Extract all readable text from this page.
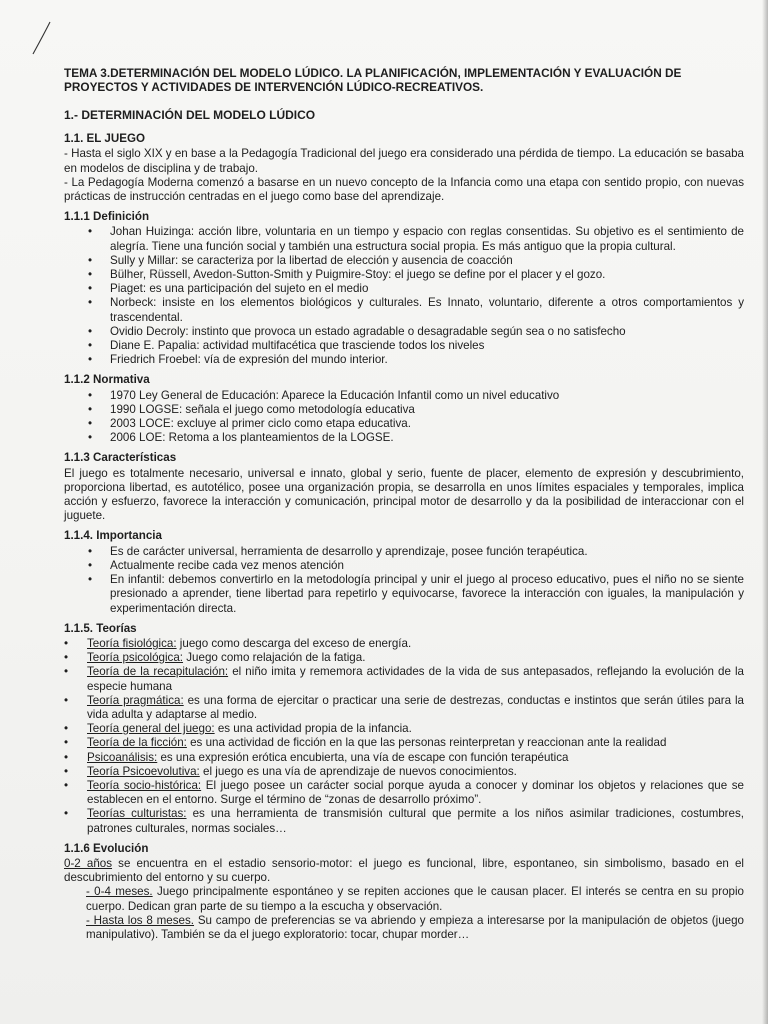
TEMA 3.DETERMINACIÓN DEL MODELO LÚDICO. LA PLANIFICACIÓN, IMPLEMENTACIÓN Y EVALUACIÓN DE PROYECTOS Y ACTIVIDADES DE INTERVENCIÓN LÚDICO-RECREATIVOS.
1.- DETERMINACIÓN DEL MODELO LÚDICO
1.1. EL JUEGO

- Hasta el siglo XIX y en base a la Pedagogía Tradicional del juego era considerado una pérdida de tiempo. La educación se basaba en modelos de disciplina y de trabajo.

- La Pedagogía Moderna comenzó a basarse en un nuevo concepto de la Infancia como una etapa con sentido propio, con nuevas prácticas de instrucción centradas en el juego como base del aprendizaje.

1.1.1 Definición
• Johan Huizinga: acción libre, voluntaria en un tiempo y espacio con reglas consentidas. Su objetivo es el sentimiento de alegría. Tiene una función social y también una estructura social propia. Es más antiguo que la propia cultural.
• Sully y Millar: se caracteriza por la libertad de elección y ausencia de coacción
• Bülher, Rüssell, Avedon-Sutton-Smith y Puigmire-Stoy: el juego se define por el placer y el gozo.
• Piaget: es una participación del sujeto en el medio
• Norbeck: insiste en los elementos biológicos y culturales. Es Innato, voluntario, diferente a otros comportamientos y trascendental.
• Ovidio Decroly: instinto que provoca un estado agradable o desagradable según sea o no satisfecho
• Diane E. Papalia: actividad multifacética que trasciende todos los niveles
• Friedrich Froebel: vía de expresión del mundo interior.
1.1.2 Normativa
• 1970 Ley General de Educación: Aparece la Educación Infantil como un nivel educativo
• 1990 LOGSE: señala el juego como metodología educativa
• 2003 LOCE: excluye al primer ciclo como etapa educativa.
• 2006 LOE: Retoma a los planteamientos de la LOGSE.
1.1.3 Características

El juego es totalmente necesario, universal e innato, global y serio, fuente de placer, elemento de expresión y descubrimiento, proporciona libertad, es autotélico, posee una organización propia, se desarrolla en unos límites espaciales y temporales, implica acción y esfuerzo, favorece la interacción y comunicación, principal motor de desarrollo y da la posibilidad de interaccionar con el juguete.

1.1.4. Importancia
• Es de carácter universal, herramienta de desarrollo y aprendizaje, posee función terapéutica.
• Actualmente recibe cada vez menos atención
• En infantil: debemos convertirlo en la metodología principal y unir el juego al proceso educativo, pues el niño no se siente presionado a aprender, tiene libertad para repetirlo y equivocarse, favorece la interacción con iguales, la manipulación y experimentación directa.
1.1.5. Teorías
• Teoría fisiológica: juego como descarga del exceso de energía.
• Teoría psicológica: Juego como relajación de la fatiga.
• Teoría de la recapitulación: el niño imita y rememora actividades de la vida de sus antepasados, reflejando la evolución de la especie humana
• Teoría pragmática: es una forma de ejercitar o practicar una serie de destrezas, conductas e instintos que serán útiles para la vida adulta y adaptarse al medio.
• Teoría general del juego: es una actividad propia de la infancia.
• Teoría de la ficción: es una actividad de ficción en la que las personas reinterpretan y reaccionan ante la realidad
• Psicoanálisis: es una expresión erótica encubierta, una vía de escape con función terapéutica
• Teoría Psicoevolutiva: el juego es una vía de aprendizaje de nuevos conocimientos.
• Teoría socio-histórica: El juego posee un carácter social porque ayuda a conocer y dominar los objetos y relaciones que se establecen en el entorno. Surge el término de “zonas de desarrollo próximo”.
• Teorías culturistas: es una herramienta de transmisión cultural que permite a los niños asimilar tradiciones, costumbres, patrones culturales, normas sociales…
1.1.6 Evolución

0-2 años se encuentra en el estadio sensorio-motor: el juego es funcional, libre, espontaneo, sin simbolismo, basado en el descubrimiento del entorno y su cuerpo.

- 0-4 meses. Juego principalmente espontáneo y se repiten acciones que le causan placer. El interés se centra en su propio cuerpo. Dedican gran parte de su tiempo a la escucha y observación.
- Hasta los 8 meses. Su campo de preferencias se va abriendo y empieza a interesarse por la manipulación de objetos (juego manipulativo). También se da el juego exploratorio: tocar, chupar morder…
